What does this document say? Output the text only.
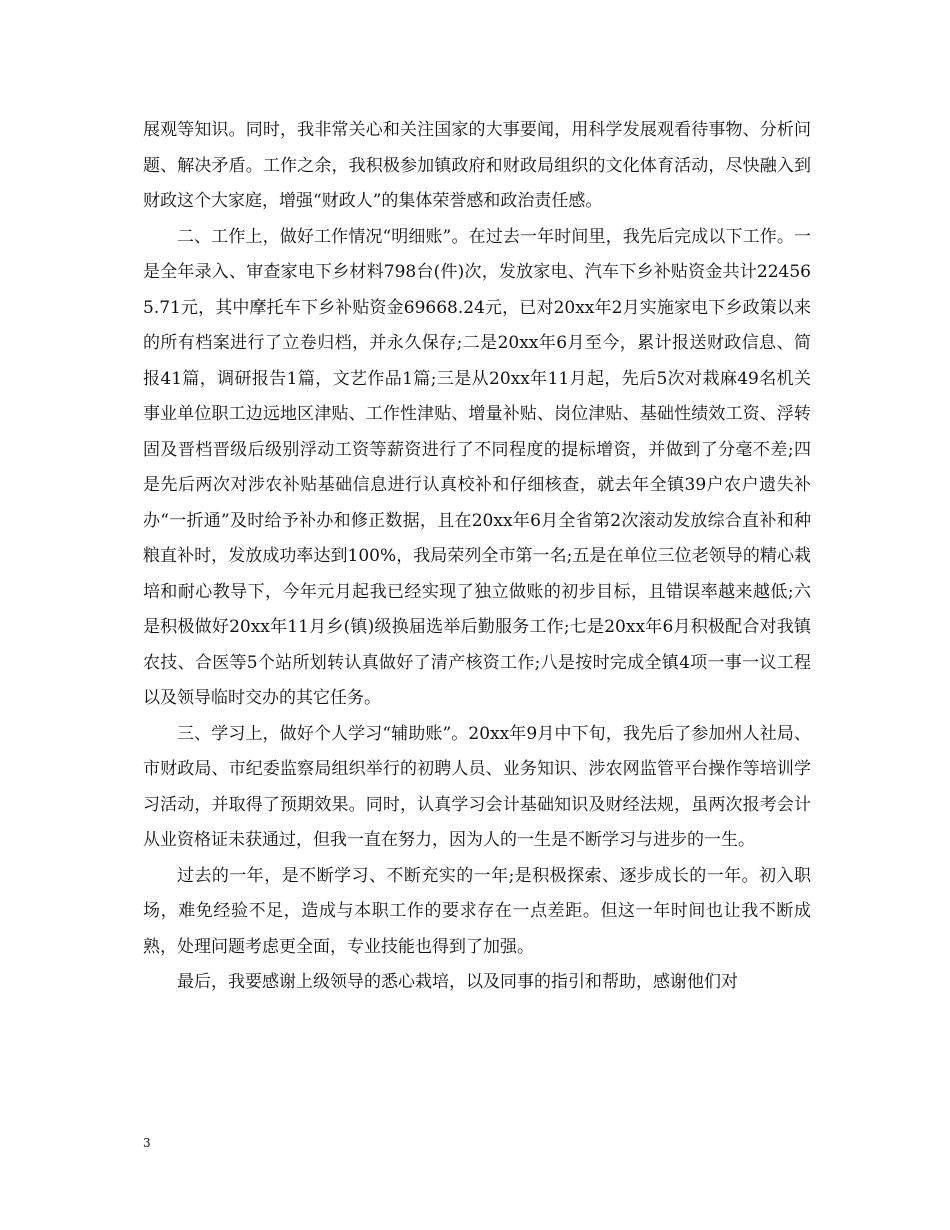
展观等知识。同时，我非常关心和关注国家的大事要闻，用科学发展观看待事物、分析问题、解决矛盾。工作之余，我积极参加镇政府和财政局组织的文化体育活动，尽快融入到财政这个大家庭，增强“财政人”的集体荣誉感和政治责任感。

二、工作上，做好工作情况“明细账”。在过去一年时间里，我先后完成以下工作。一是全年录入、审查家电下乡材料798台(件)次，发放家电、汽车下乡补贴资金共计224565.71元，其中摩托车下乡补贴资金69668.24元，已对20xx年2月实施家电下乡政策以来的所有档案进行了立卷归档，并永久保存;二是20xx年6月至今，累计报送财政信息、简报41篇，调研报告1篇，文艺作品1篇;三是从20xx年11月起，先后5次对栽麻49名机关事业单位职工边远地区津贴、工作性津贴、增量补贴、岗位津贴、基础性绩效工资、浮转固及晋档晋级后级别浮动工资等薪资进行了不同程度的提标增资，并做到了分毫不差;四是先后两次对涉农补贴基础信息进行认真校补和仔细核查，就去年全镇39户农户遗失补办“一折通”及时给予补办和修正数据，且在20xx年6月全省第2次滚动发放综合直补和种粮直补时，发放成功率达到100%，我局荣列全市第一名;五是在单位三位老领导的精心栽培和耐心教导下，今年元月起我已经实现了独立做账的初步目标，且错误率越来越低;六是积极做好20xx年11月乡(镇)级换届选举后勤服务工作;七是20xx年6月积极配合对我镇农技、合医等5个站所划转认真做好了清产核资工作;八是按时完成全镇4项一事一议工程以及领导临时交办的其它任务。

三、学习上，做好个人学习“辅助账”。20xx年9月中下旬，我先后了参加州人社局、市财政局、市纪委监察局组织举行的初聘人员、业务知识、涉农网监管平台操作等培训学习活动，并取得了预期效果。同时，认真学习会计基础知识及财经法规，虽两次报考会计从业资格证未获通过，但我一直在努力，因为人的一生是不断学习与进步的一生。

过去的一年，是不断学习、不断充实的一年;是积极探索、逐步成长的一年。初入职场，难免经验不足，造成与本职工作的要求存在一点差距。但这一年时间也让我不断成熟，处理问题考虑更全面，专业技能也得到了加强。

最后，我要感谢上级领导的悉心栽培，以及同事的指引和帮助，感谢他们对

3
